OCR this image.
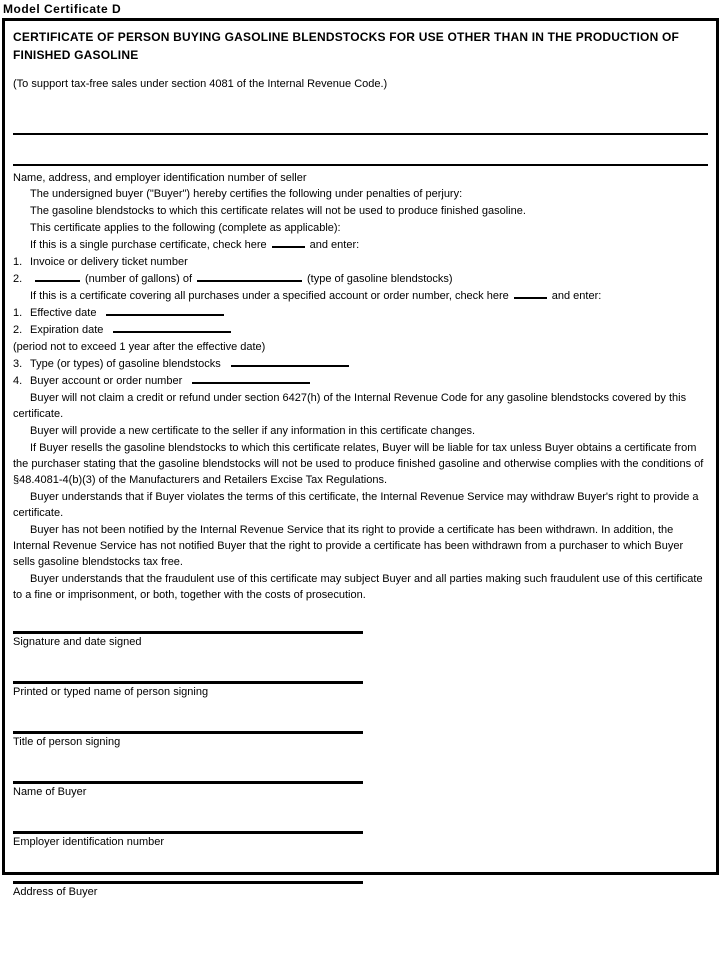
Model Certificate D
CERTIFICATE OF PERSON BUYING GASOLINE BLENDSTOCKS FOR USE OTHER THAN IN THE PRODUCTION OF FINISHED GASOLINE
(To support tax-free sales under section 4081 of the Internal Revenue Code.)
Name, address, and employer identification number of seller
The undersigned buyer ("Buyer") hereby certifies the following under penalties of perjury:
The gasoline blendstocks to which this certificate relates will not be used to produce finished gasoline.
This certificate applies to the following (complete as applicable):
If this is a single purchase certificate, check here	and enter:
1. Invoice or delivery ticket number
2.	(number of gallons) of	(type of gasoline blendstocks)
If this is a certificate covering all purchases under a specified account or order number, check here	and enter:
1. Effective date
2. Expiration date
(period not to exceed 1 year after the effective date)
3. Type (or types) of gasoline blendstocks
4. Buyer account or order number
Buyer will not claim a credit or refund under section 6427(h) of the Internal Revenue Code for any gasoline blendstocks covered by this certificate.
Buyer will provide a new certificate to the seller if any information in this certificate changes.
If Buyer resells the gasoline blendstocks to which this certificate relates, Buyer will be liable for tax unless Buyer obtains a certificate from the purchaser stating that the gasoline blendstocks will not be used to produce finished gasoline and otherwise complies with the conditions of §48.4081-4(b)(3) of the Manufacturers and Retailers Excise Tax Regulations.
Buyer understands that if Buyer violates the terms of this certificate, the Internal Revenue Service may withdraw Buyer's right to provide a certificate.
Buyer has not been notified by the Internal Revenue Service that its right to provide a certificate has been withdrawn. In addition, the Internal Revenue Service has not notified Buyer that the right to provide a certificate has been withdrawn from a purchaser to which Buyer sells gasoline blendstocks tax free.
Buyer understands that the fraudulent use of this certificate may subject Buyer and all parties making such fraudulent use of this certificate to a fine or imprisonment, or both, together with the costs of prosecution.
Signature and date signed
Printed or typed name of person signing
Title of person signing
Name of Buyer
Employer identification number
Address of Buyer
